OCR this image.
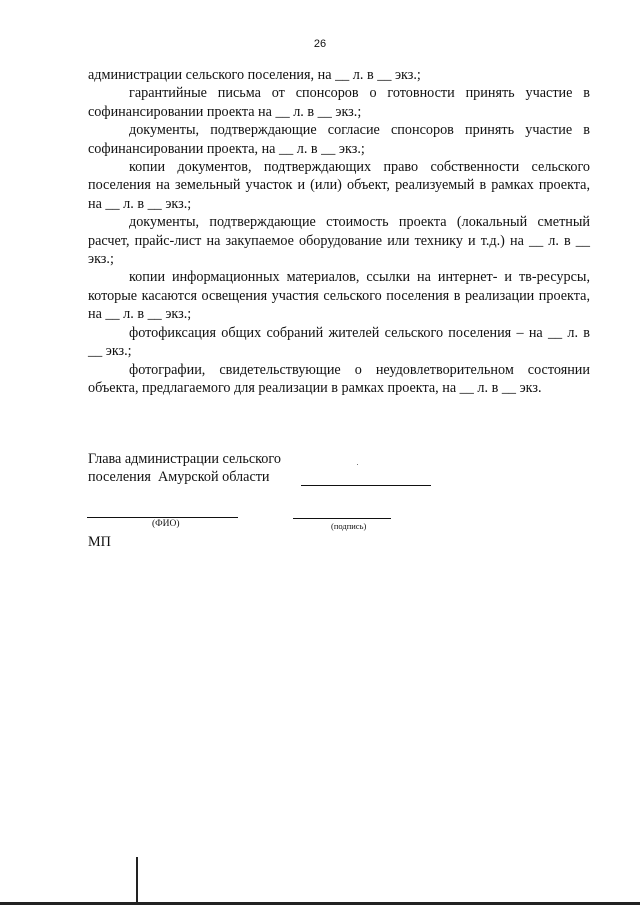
26

администрации сельского поселения, на __ л. в __ экз.;

гарантийные письма от спонсоров о готовности принять участие в софинансировании проекта на __ л. в __ экз.;

документы, подтверждающие согласие спонсоров принять участие в софинансировании проекта, на __ л. в __ экз.;

копии документов, подтверждающих право собственности сельского поселения на земельный участок и (или) объект, реализуемый в рамках проекта, на __ л. в __ экз.;

документы, подтверждающие стоимость проекта (локальный сметный расчет, прайс-лист на закупаемое оборудование или технику и т.д.) на __ л. в __ экз.;

копии информационных материалов, ссылки на интернет- и тв-ресурсы, которые касаются освещения участия сельского поселения в реализации проекта, на __ л. в __ экз.;

фотофиксация общих собраний жителей сельского поселения – на __ л. в __ экз.;

фотографии, свидетельствующие о неудовлетворительном состоянии объекта, предлагаемого для реализации в рамках проекта, на __ л. в __ экз.

Глава администрации сельского
поселения  Амурской области
(ФИО)	(подпись)
МП
